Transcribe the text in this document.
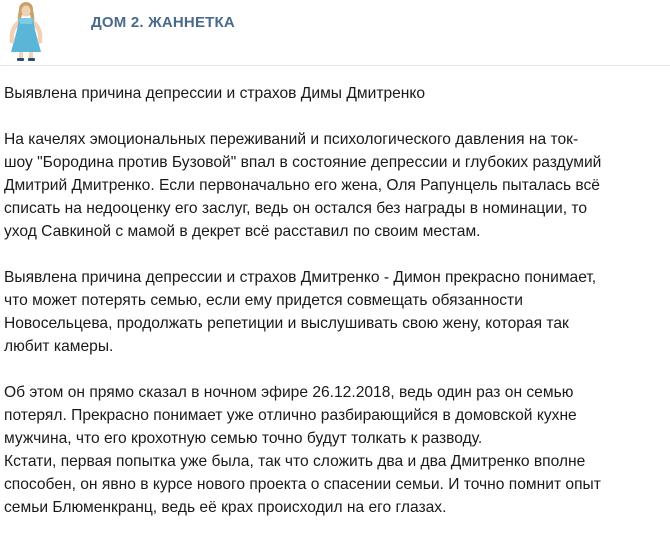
ДОМ 2. ЖАННЕТКА

Выявлена причина депрессии и страхов Димы Дмитренко

На качелях эмоциональных переживаний и психологического давления на ток-
шоу "Бородина против Бузовой" впал в состояние депрессии и глубоких раздумий
Дмитрий Дмитренко. Если первоначально его жена, Оля Рапунцель пыталась всё
списать на недооценку его заслуг, ведь он остался без награды в номинации, то
уход Савкиной с мамой в декрет всё расставил по своим местам.

Выявлена причина депрессии и страхов Дмитренко - Димон прекрасно понимает,
что может потерять семью, если ему придется совмещать обязанности
Новосельцева, продолжать репетиции и выслушивать свою жену, которая так
любит камеры.

Об этом он прямо сказал в ночном эфире 26.12.2018, ведь один раз он семью
потерял. Прекрасно понимает уже отлично разбирающийся в домовской кухне
мужчина, что его крохотную семью точно будут толкать к разводу.

Кстати, первая попытка уже была, так что сложить два и два Дмитренко вполне
способен, он явно в курсе нового проекта о спасении семьи. И точно помнит опыт
семьи Блюменкранц, ведь её крах происходил на его глазах.
